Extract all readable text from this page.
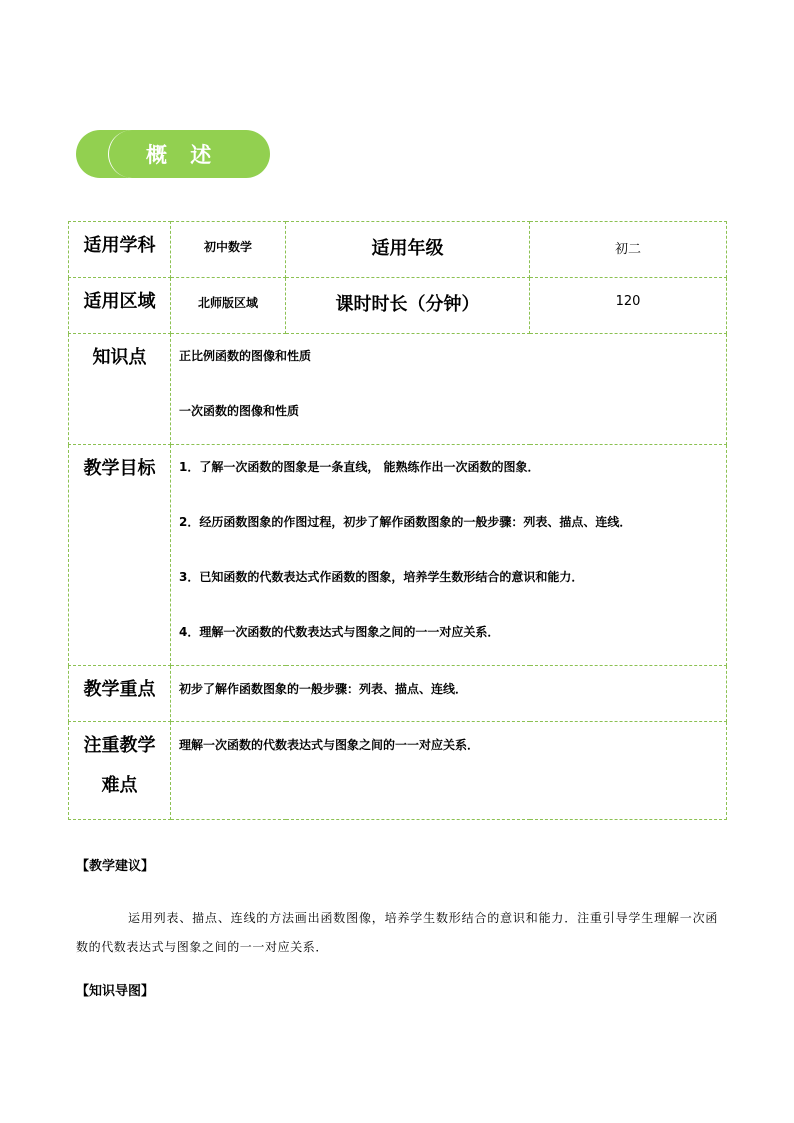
概 述
适用学科	初中数学	适用年级	初二
适用区域	北师版区域	课时时长（分钟）	120
知识点	正比例函数的图像和性质
一次函数的图像和性质		

教学目标	1．了解一次函数的图象是一条直线， 能熟练作出一次函数的图象．
2．经历函数图象的作图过程，初步了解作函数图象的一般步骤：列表、描点、连线．
3．已知函数的代数表达式作函数的图象，培养学生数形结合的意识和能力．
4．理解一次函数的代数表达式与图象之间的一一对应关系．		

教学重点	初步了解作函数图象的一般步骤：列表、描点、连线．		

注重教学
难点	理解一次函数的代数表达式与图象之间的一一对应关系．		
【教学建议】
运用列表、描点、连线的方法画出函数图像，培养学生数形结合的意识和能力．注重引导学生理解一次函数的代数表达式与图象之间的一一对应关系．
【知识导图】
